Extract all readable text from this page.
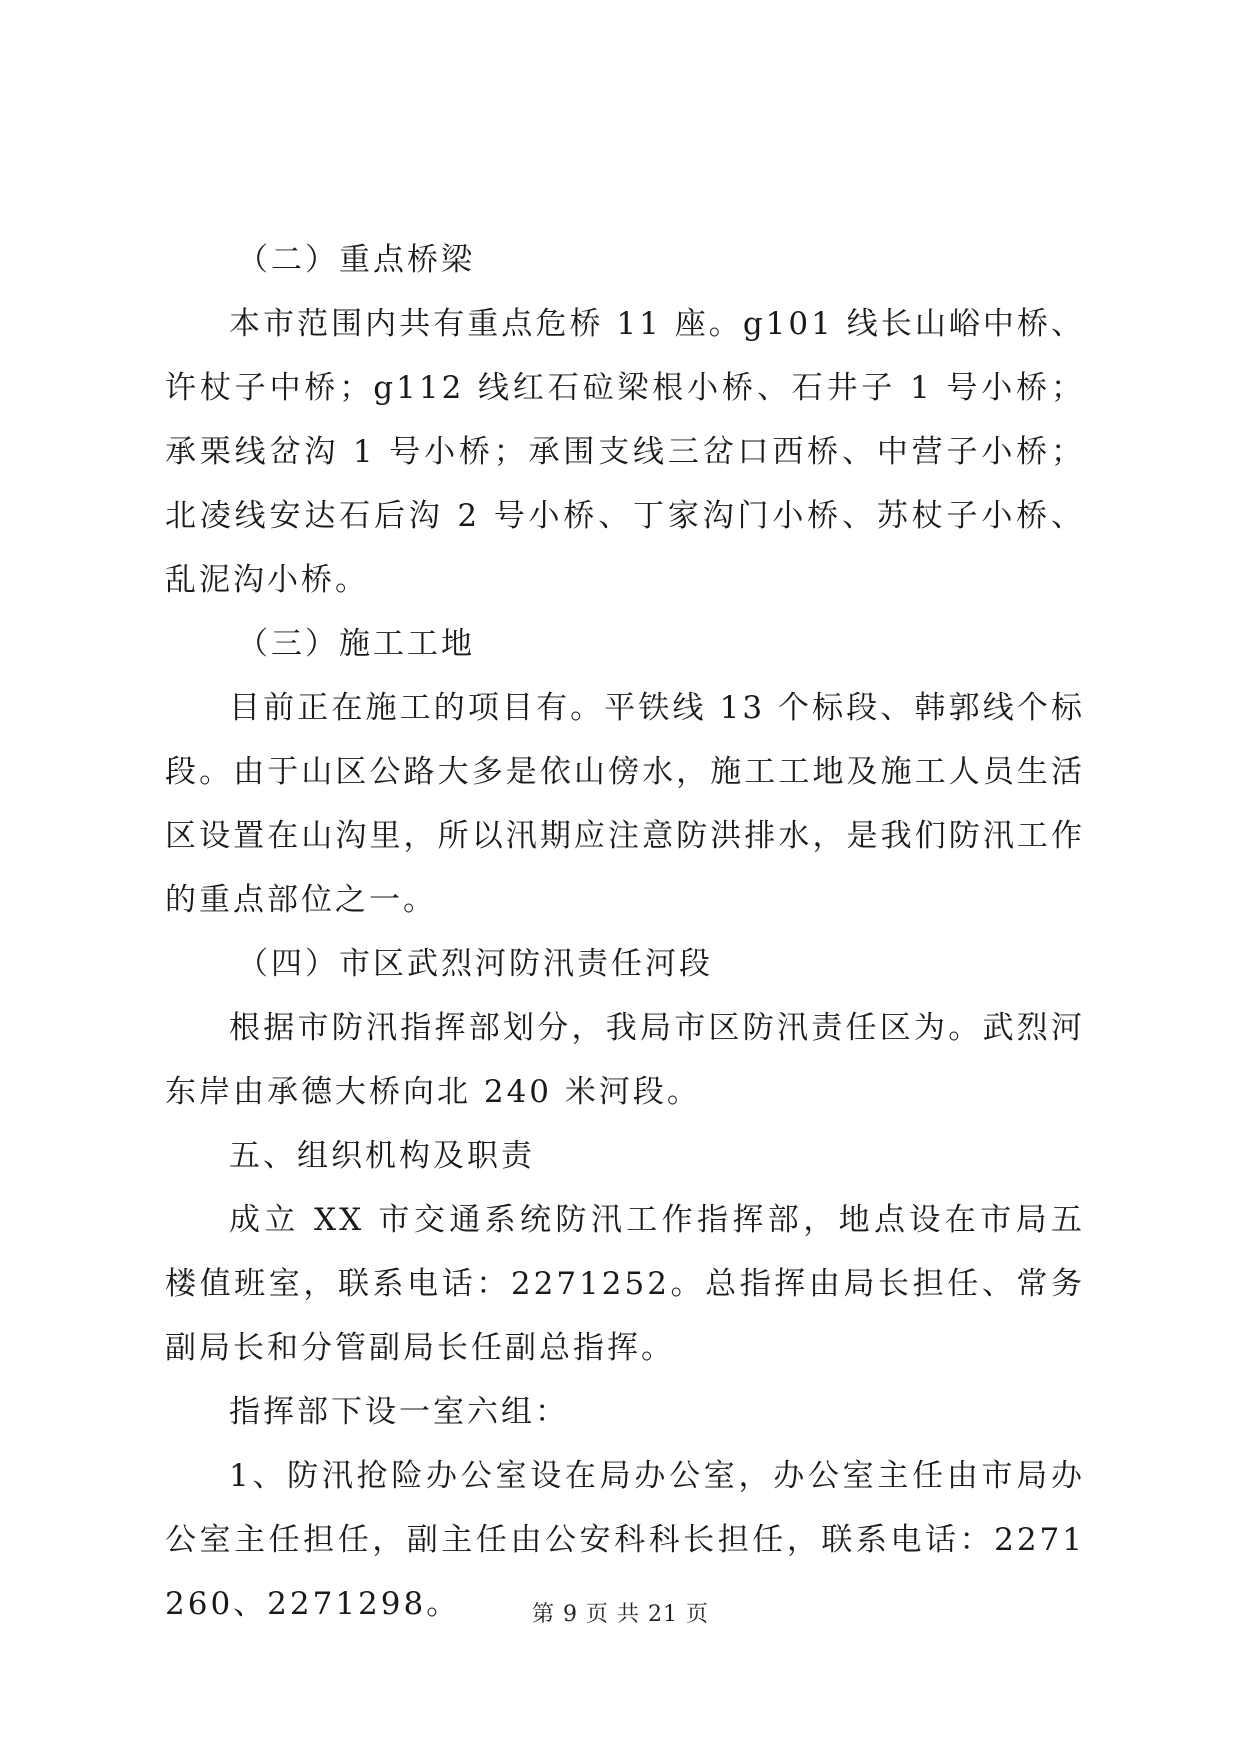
（二）重点桥梁

本市范围内共有重点危桥 11 座。g101 线长山峪中桥、许杖子中桥；g112 线红石砬梁根小桥、石井子 1 号小桥；承栗线岔沟 1 号小桥；承围支线三岔口西桥、中营子小桥；北凌线安达石后沟 2 号小桥、丁家沟门小桥、苏杖子小桥、乱泥沟小桥。

（三）施工工地

目前正在施工的项目有。平铁线 13 个标段、韩郭线个标段。由于山区公路大多是依山傍水，施工工地及施工人员生活区设置在山沟里，所以汛期应注意防洪排水，是我们防汛工作的重点部位之一。

（四）市区武烈河防汛责任河段

根据市防汛指挥部划分，我局市区防汛责任区为。武烈河东岸由承德大桥向北 240 米河段。

五、组织机构及职责

成立 XX 市交通系统防汛工作指挥部，地点设在市局五楼值班室，联系电话：2271252。总指挥由局长担任、常务副局长和分管副局长任副总指挥。

指挥部下设一室六组：

1、防汛抢险办公室设在局办公室，办公室主任由市局办公室主任担任，副主任由公安科科长担任，联系电话：2271260、2271298。	第 9 页 共 21 页
